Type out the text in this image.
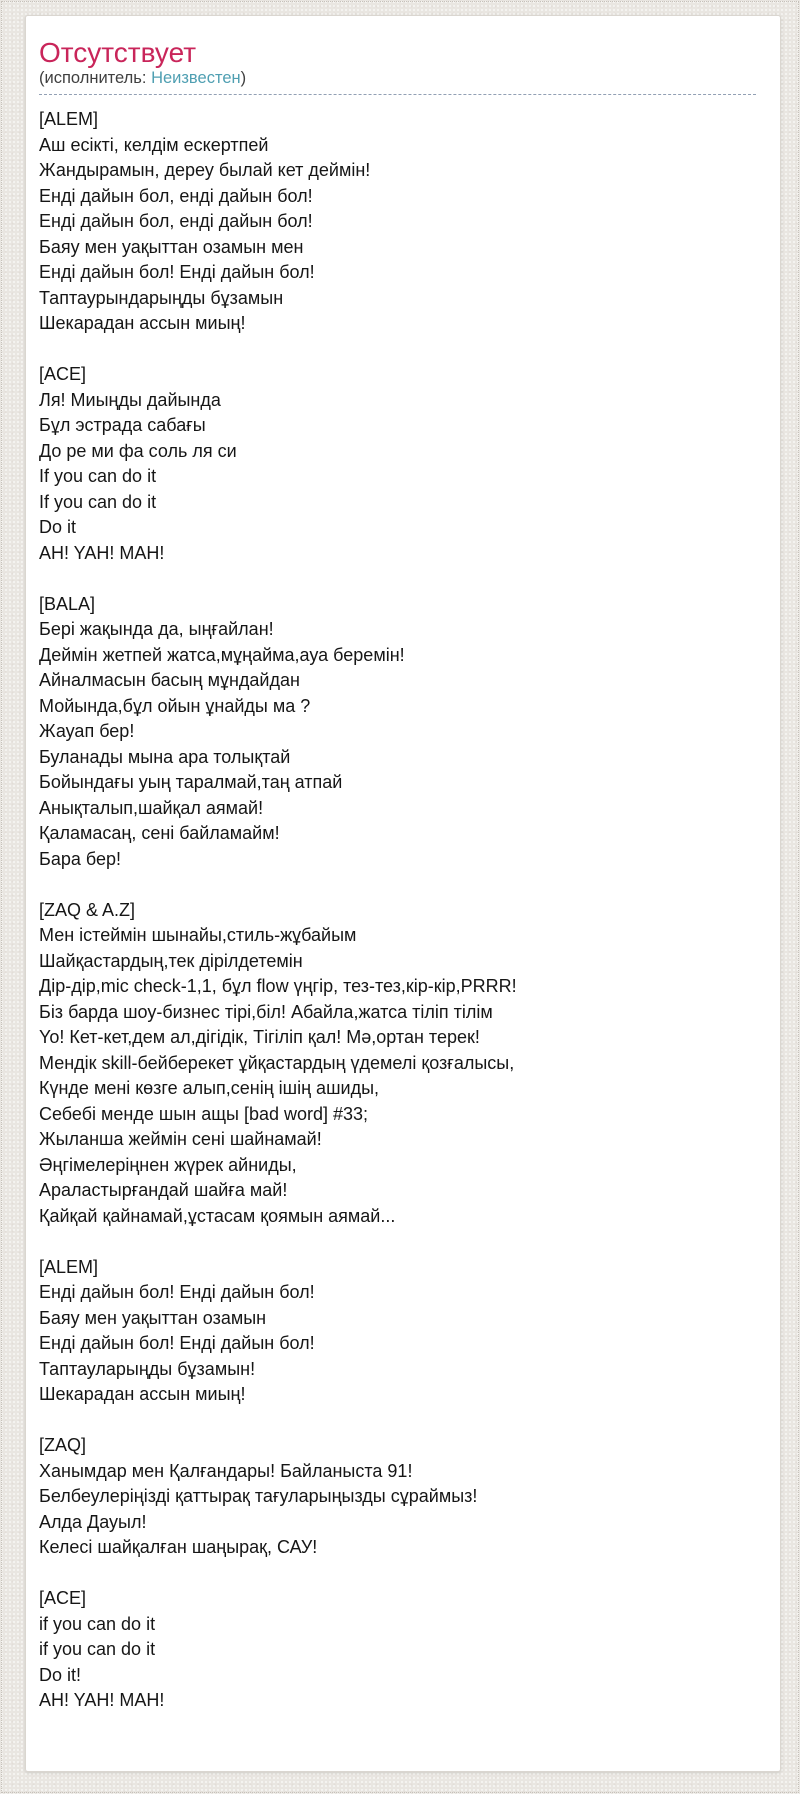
Отсутствует
(исполнитель: Неизвестен)
[ALEM]
Аш есікті, келдім ескертпей
Жандырамын, дереу былай кет деймін!
Енді дайын бол, енді дайын бол!
Енді дайын бол, енді дайын бол!
Баяу мен уақыттан озамын мен
Енді дайын бол! Енді дайын бол!
Таптаурындарыңды бұзамын
Шекарадан ассын миың!
[ACE]
Ля! Миыңды дайында
Бұл эстрада сабағы
До ре ми фа соль ля си
If you can do it
If you can do it
Do it
AH! YAH! MAH!
[BALA]
Бері жақында да, ыңғайлан!
Деймін жетпей жатса,мұңайма,ауа беремін!
Айналмасын басың мұндайдан
Мойында,бұл ойын ұнайды ма ?
Жауап бер!
Буланады мына ара толықтай
Бойындағы уың таралмай,таң атпай
Анықталып,шайқал аямай!
Қаламасаң, сені байламайм!
Бара бер!
[ZAQ & A.Z]
Мен істеймін шынайы,стиль-жұбайым
Шайқастардың,тек дірілдетемін
Дір-дір,mic check-1,1, бұл flow үңгір, тез-тез,кір-кір,PRRR!
Біз барда шоу-бизнес тірі,біл! Абайла,жатса тіліп тілім
Yo! Кет-кет,дем ал,дігідік, Тігіліп қал! Мә,ортан терек!
Мендік skill-бейберекет ұйқастардың үдемелі қозғалысы,
Күнде мені көзге алып,сенің ішің ашиды,
Себебі менде шын ащы [bad word] #33;
Жыланша жеймін сені шайнамай!
Әңгімелеріңнен жүрек айниды,
Араластырғандай шайға май!
Қайқай қайнамай,ұстасам қоямын аямай...
[ALEM]
Енді дайын бол! Енді дайын бол!
Баяу мен уақыттан озамын
Енді дайын бол! Енді дайын бол!
Таптауларыңды бұзамын!
Шекарадан ассын миың!
[ZAQ]
Ханымдар мен Қалғандары! Байланыста 91!
Белбеулеріңізді қаттырақ тағуларыңызды сұраймыз!
Алда Дауыл!
Келесі шайқалған шаңырақ, САУ!
[ACE]
if you can do it
if you can do it
Do it!
AH! YAH! MAH!
